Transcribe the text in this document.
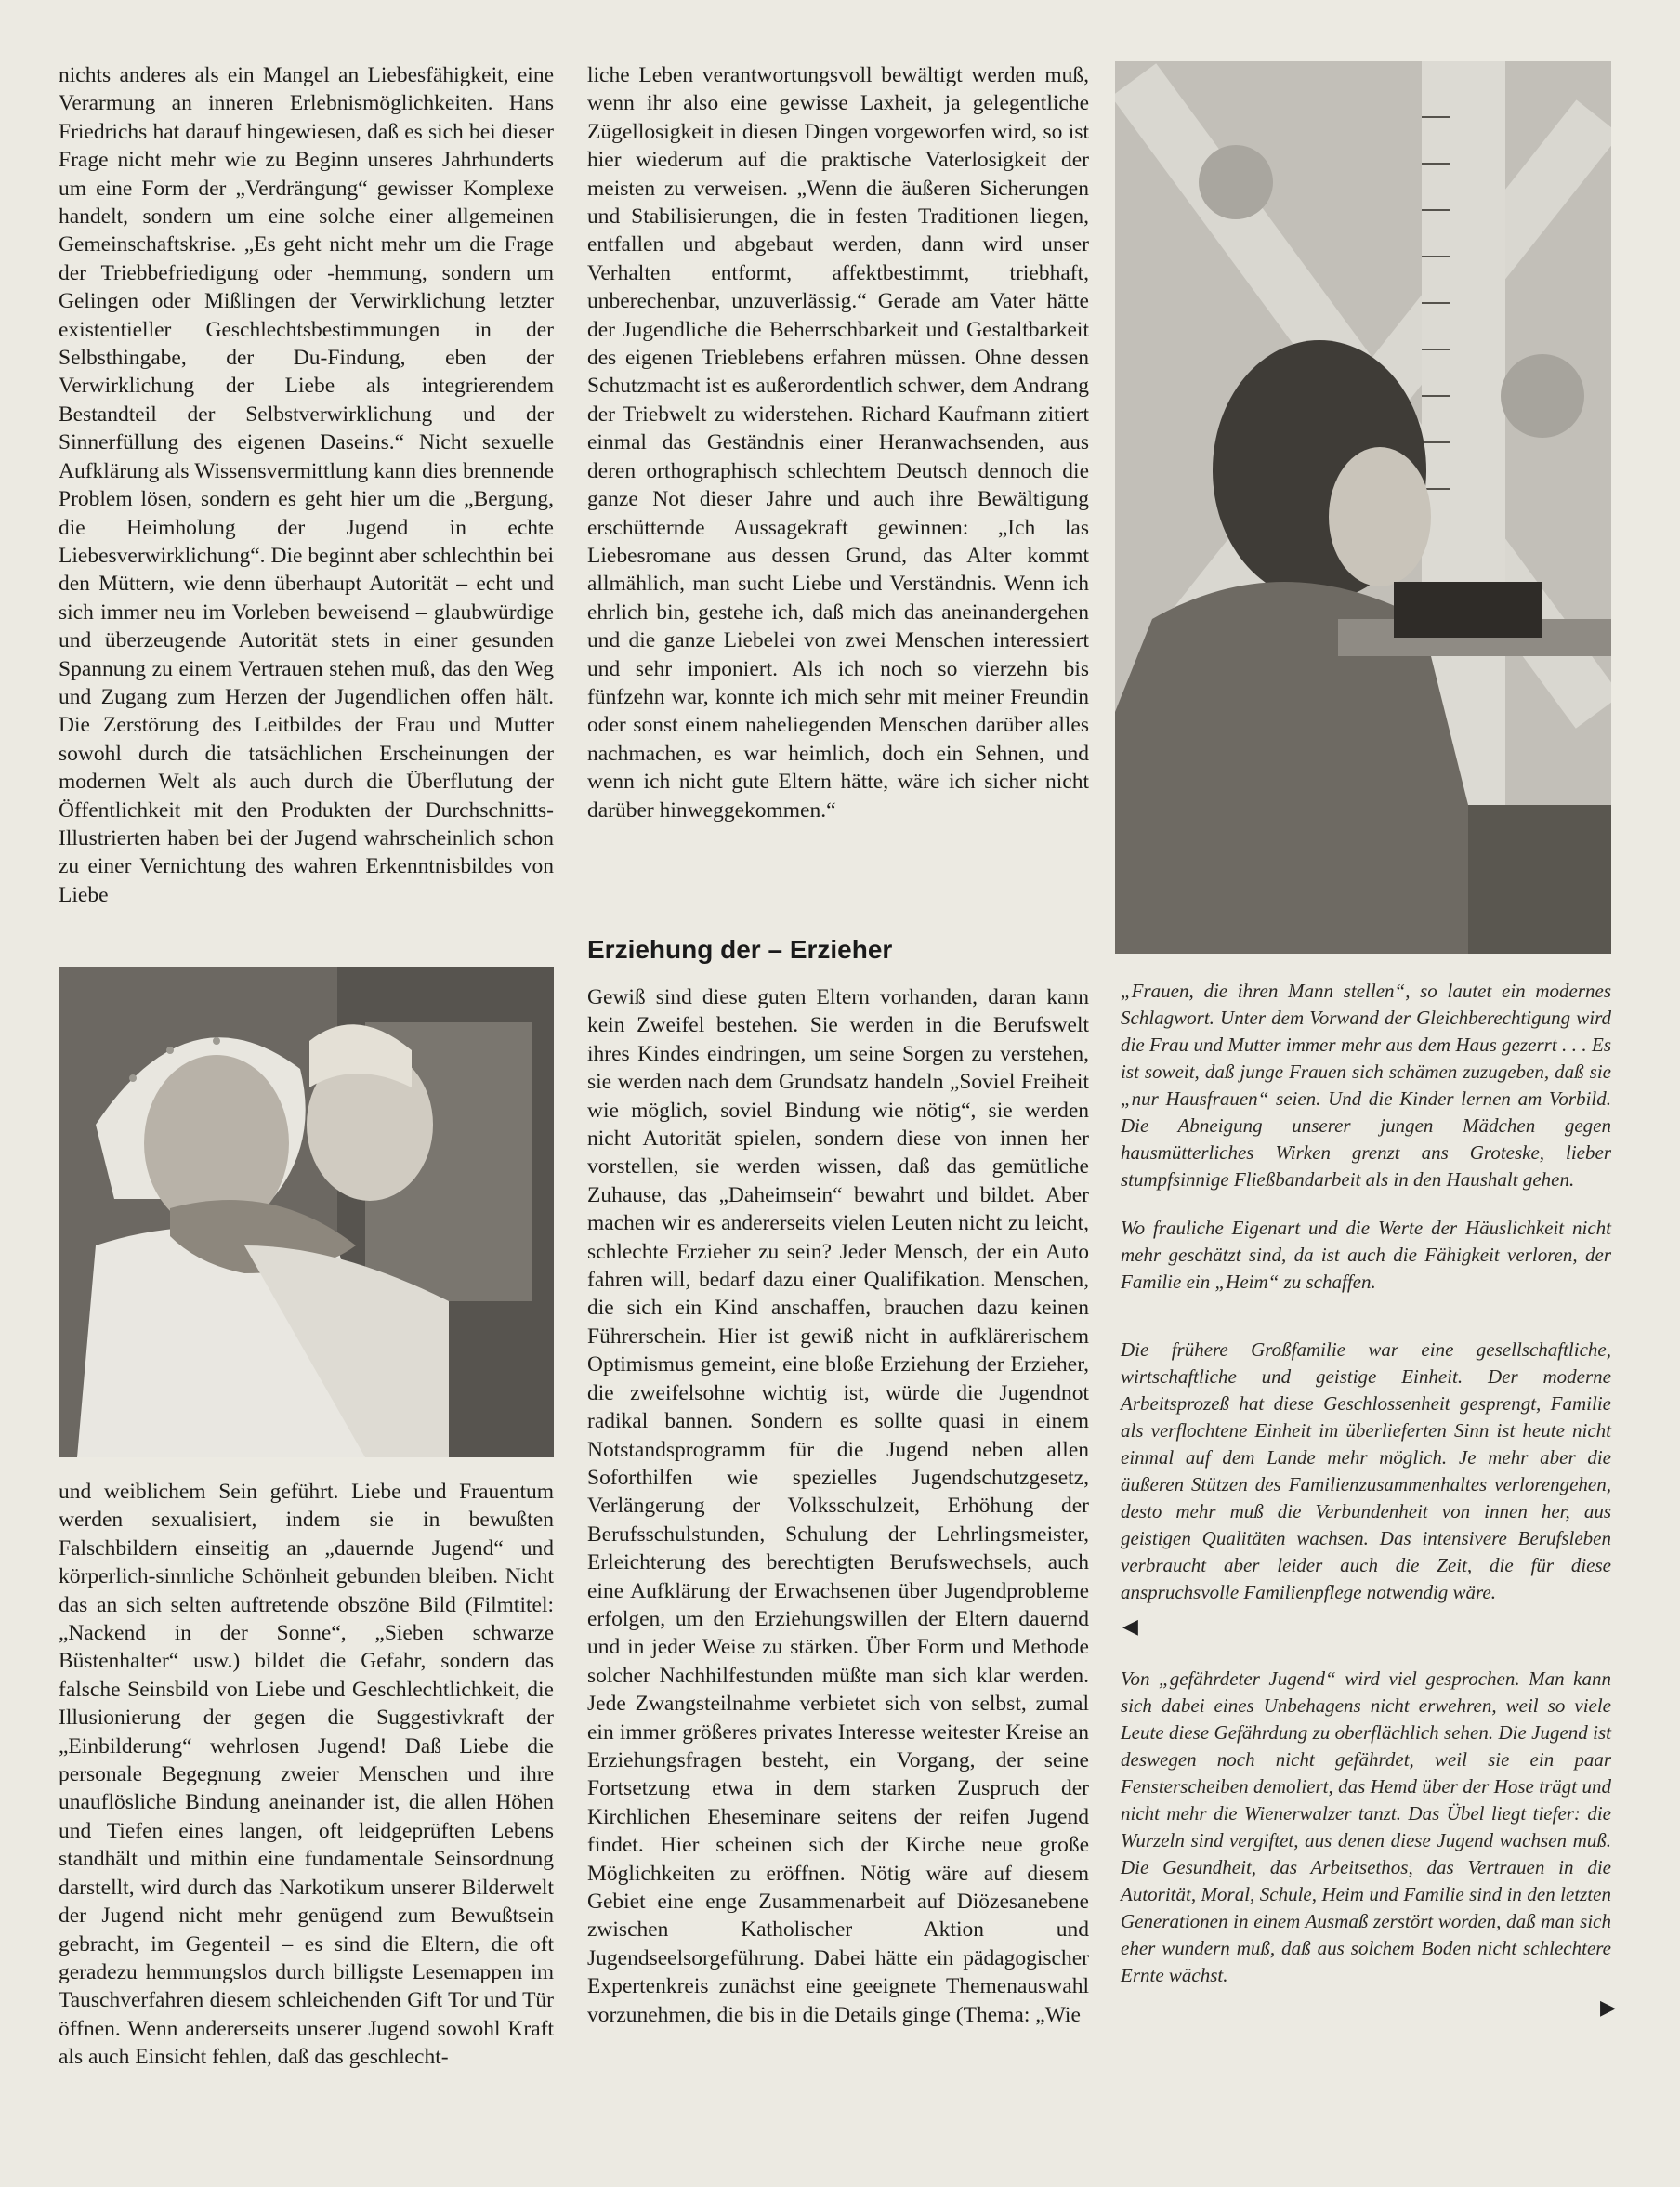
nichts anderes als ein Mangel an Liebesfähigkeit, eine Verarmung an inneren Erlebnismöglichkeiten. Hans Friedrichs hat darauf hingewiesen, daß es sich bei dieser Frage nicht mehr wie zu Beginn unseres Jahrhunderts um eine Form der „Verdrängung“ gewisser Komplexe handelt, sondern um eine solche einer allgemeinen Gemeinschaftskrise. „Es geht nicht mehr um die Frage der Triebbefriedigung oder -hemmung, sondern um Gelingen oder Mißlingen der Verwirklichung letzter existentieller Geschlechtsbestimmungen in der Selbsthingabe, der Du-Findung, eben der Verwirklichung der Liebe als integrierendem Bestandteil der Selbstverwirklichung und der Sinnerfüllung des eigenen Daseins.“ Nicht sexuelle Aufklärung als Wissensvermittlung kann dies brennende Problem lösen, sondern es geht hier um die „Bergung, die Heimholung der Jugend in echte Liebesverwirklichung“. Die beginnt aber schlechthin bei den Müttern, wie denn überhaupt Autorität – echt und sich immer neu im Vorleben beweisend – glaubwürdige und überzeugende Autorität stets in einer gesunden Spannung zu einem Vertrauen stehen muß, das den Weg und Zugang zum Herzen der Jugendlichen offen hält. Die Zerstörung des Leitbildes der Frau und Mutter sowohl durch die tatsächlichen Erscheinungen der modernen Welt als auch durch die Überflutung der Öffentlichkeit mit den Produkten der Durchschnitts-Illustrierten haben bei der Jugend wahrscheinlich schon zu einer Vernichtung des wahren Erkenntnisbildes von Liebe

und weiblichem Sein geführt. Liebe und Frauentum werden sexualisiert, indem sie in bewußten Falschbildern einseitig an „dauernde Jugend“ und körperlich-sinnliche Schönheit gebunden bleiben. Nicht das an sich selten auftretende obszöne Bild (Filmtitel: „Nackend in der Sonne“, „Sieben schwarze Büstenhalter“ usw.) bildet die Gefahr, sondern das falsche Seinsbild von Liebe und Geschlechtlichkeit, die Illusionierung der gegen die Suggestivkraft der „Einbilderung“ wehrlosen Jugend! Daß Liebe die personale Begegnung zweier Menschen und ihre unauflösliche Bindung aneinander ist, die allen Höhen und Tiefen eines langen, oft leidgeprüften Lebens standhält und mithin eine fundamentale Seinsordnung darstellt, wird durch das Narkotikum unserer Bilderwelt der Jugend nicht mehr genügend zum Bewußtsein gebracht, im Gegenteil – es sind die Eltern, die oft geradezu hemmungslos durch billigste Lesemappen im Tauschverfahren diesem schleichenden Gift Tor und Tür öffnen. Wenn andererseits unserer Jugend sowohl Kraft als auch Einsicht fehlen, daß das geschlecht-

liche Leben verantwortungsvoll bewältigt werden muß, wenn ihr also eine gewisse Laxheit, ja gelegentliche Zügellosigkeit in diesen Dingen vorgeworfen wird, so ist hier wiederum auf die praktische Vaterlosigkeit der meisten zu verweisen. „Wenn die äußeren Sicherungen und Stabilisierungen, die in festen Traditionen liegen, entfallen und abgebaut werden, dann wird unser Verhalten entformt, affektbestimmt, triebhaft, unberechenbar, unzuverlässig.“ Gerade am Vater hätte der Jugendliche die Beherrschbarkeit und Gestaltbarkeit des eigenen Trieblebens erfahren müssen. Ohne dessen Schutzmacht ist es außerordentlich schwer, dem Andrang der Triebwelt zu widerstehen. Richard Kaufmann zitiert einmal das Geständnis einer Heranwachsenden, aus deren orthographisch schlechtem Deutsch dennoch die ganze Not dieser Jahre und auch ihre Bewältigung erschütternde Aussagekraft gewinnen: „Ich las Liebesromane aus dessen Grund, das Alter kommt allmählich, man sucht Liebe und Verständnis. Wenn ich ehrlich bin, gestehe ich, daß mich das aneinandergehen und die ganze Liebelei von zwei Menschen interessiert und sehr imponiert. Als ich noch so vierzehn bis fünfzehn war, konnte ich mich sehr mit meiner Freundin oder sonst einem naheliegenden Menschen darüber alles nachmachen, es war heimlich, doch ein Sehnen, und wenn ich nicht gute Eltern hätte, wäre ich sicher nicht darüber hinweggekommen.“

Erziehung der – Erzieher

Gewiß sind diese guten Eltern vorhanden, daran kann kein Zweifel bestehen. Sie werden in die Berufswelt ihres Kindes eindringen, um seine Sorgen zu verstehen, sie werden nach dem Grundsatz handeln „Soviel Freiheit wie möglich, soviel Bindung wie nötig“, sie werden nicht Autorität spielen, sondern diese von innen her vorstellen, sie werden wissen, daß das gemütliche Zuhause, das „Daheimsein“ bewahrt und bildet. Aber machen wir es andererseits vielen Leuten nicht zu leicht, schlechte Erzieher zu sein? Jeder Mensch, der ein Auto fahren will, bedarf dazu einer Qualifikation. Menschen, die sich ein Kind anschaffen, brauchen dazu keinen Führerschein. Hier ist gewiß nicht in aufklärerischem Optimismus gemeint, eine bloße Erziehung der Erzieher, die zweifelsohne wichtig ist, würde die Jugendnot radikal bannen. Sondern es sollte quasi in einem Notstandsprogramm für die Jugend neben allen Soforthilfen wie spezielles Jugendschutzgesetz, Verlängerung der Volksschulzeit, Erhöhung der Berufsschulstunden, Schulung der Lehrlingsmeister, Erleichterung des berechtigten Berufswechsels, auch eine Aufklärung der Erwachsenen über Jugendprobleme erfolgen, um den Erziehungswillen der Eltern dauernd und in jeder Weise zu stärken. Über Form und Methode solcher Nachhilfestunden müßte man sich klar werden. Jede Zwangsteilnahme verbietet sich von selbst, zumal ein immer größeres privates Interesse weitester Kreise an Erziehungsfragen besteht, ein Vorgang, der seine Fortsetzung etwa in dem starken Zuspruch der Kirchlichen Eheseminare seitens der reifen Jugend findet. Hier scheinen sich der Kirche neue große Möglichkeiten zu eröffnen. Nötig wäre auf diesem Gebiet eine enge Zusammenarbeit auf Diözesanebene zwischen Katholischer Aktion und Jugendseelsorgeführung. Dabei hätte ein pädagogischer Expertenkreis zunächst eine geeignete Themenauswahl vorzunehmen, die bis in die Details ginge (Thema: „Wie

„Frauen, die ihren Mann stellen“, so lautet ein modernes Schlagwort. Unter dem Vorwand der Gleichberechtigung wird die Frau und Mutter immer mehr aus dem Haus gezerrt . . . Es ist soweit, daß junge Frauen sich schämen zuzugeben, daß sie „nur Hausfrauen“ seien. Und die Kinder lernen am Vorbild. Die Abneigung unserer jungen Mädchen gegen hausmütterliches Wirken grenzt ans Groteske, lieber stumpfsinnige Fließbandarbeit als in den Haushalt gehen.

Wo frauliche Eigenart und die Werte der Häuslichkeit nicht mehr geschätzt sind, da ist auch die Fähigkeit verloren, der Familie ein „Heim“ zu schaffen.

Die frühere Großfamilie war eine gesellschaftliche, wirtschaftliche und geistige Einheit. Der moderne Arbeitsprozeß hat diese Geschlossenheit gesprengt, Familie als verflochtene Einheit im überlieferten Sinn ist heute nicht einmal auf dem Lande mehr möglich. Je mehr aber die äußeren Stützen des Familienzusammenhaltes verlorengehen, desto mehr muß die Verbundenheit von innen her, aus geistigen Qualitäten wachsen. Das intensivere Berufsleben verbraucht aber leider auch die Zeit, die für diese anspruchsvolle Familienpflege notwendig wäre.

◀

Von „gefährdeter Jugend“ wird viel gesprochen. Man kann sich dabei eines Unbehagens nicht erwehren, weil so viele Leute diese Gefährdung zu oberflächlich sehen. Die Jugend ist deswegen noch nicht gefährdet, weil sie ein paar Fensterscheiben demoliert, das Hemd über der Hose trägt und nicht mehr die Wienerwalzer tanzt. Das Übel liegt tiefer: die Wurzeln sind vergiftet, aus denen diese Jugend wachsen muß. Die Gesundheit, das Arbeitsethos, das Vertrauen in die Autorität, Moral, Schule, Heim und Familie sind in den letzten Generationen in einem Ausmaß zerstört worden, daß man sich eher wundern muß, daß aus solchem Boden nicht schlechtere Ernte wächst.

▶
